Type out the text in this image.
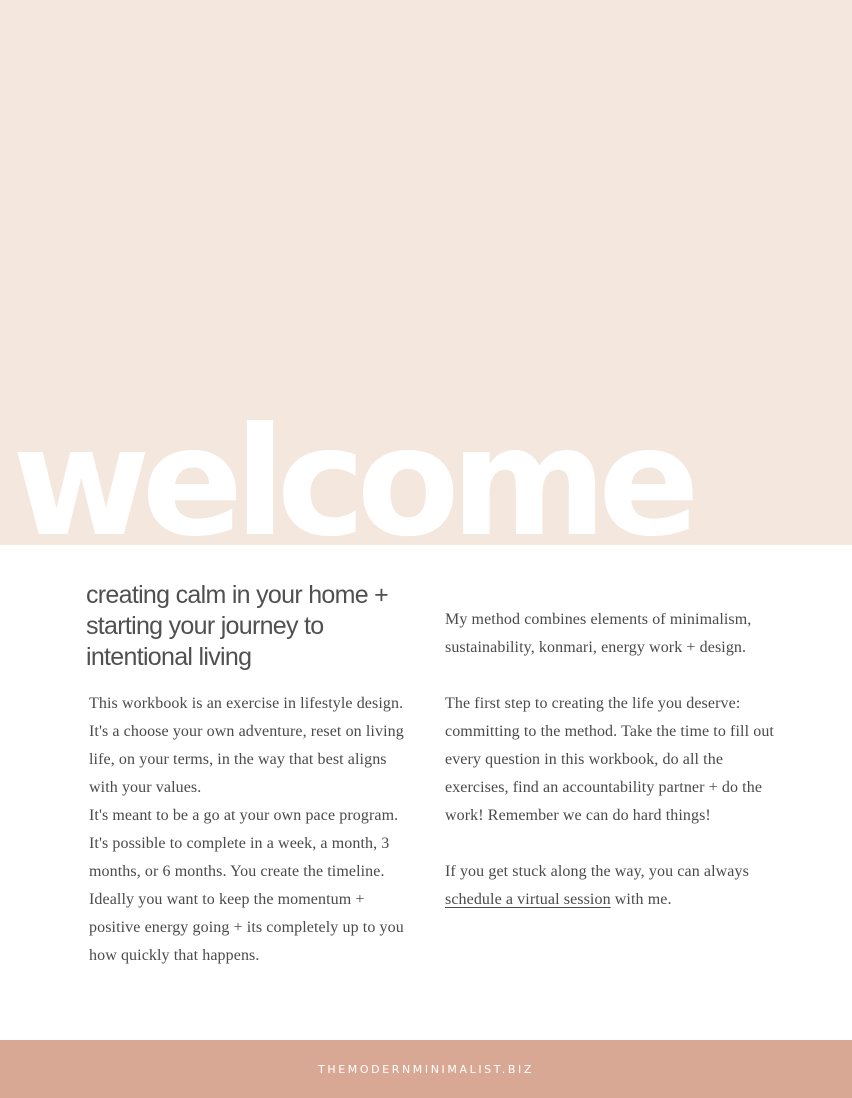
welcome
creating calm in your home +
starting your journey to
intentional living

This workbook is an exercise in lifestyle design. It's a choose your own adventure, reset on living life, on your terms, in the way that best aligns with your values.

It's meant to be a go at your own pace program. It's possible to complete in a week, a month, 3 months, or 6 months. You create the timeline. Ideally you want to keep the momentum + positive energy going + its completely up to you how quickly that happens.

My method combines elements of minimalism, sustainability, konmari, energy work + design.

The first step to creating the life you deserve: committing to the method. Take the time to fill out every question in this workbook, do all the exercises, find an accountability partner + do the work! Remember we can do hard things!

If you get stuck along the way, you can always schedule a virtual session with me.

THEMODERNMINIMALIST.BIZ
